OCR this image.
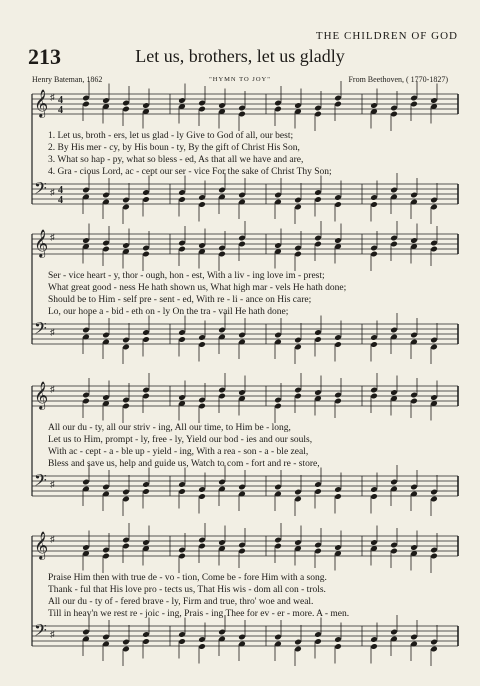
THE CHILDREN OF GOD
213	Let us, brothers, let us gladly
Henry Bateman, 1862	"HYMN TO JOY"	From Beethoven, ( 1770-1827)
𝄞
𝄢
♯
♯
4
4
4
4
1. Let us, broth - ers, let us glad - ly Give to God of all, our best;
2. By His mer - cy, by His boun - ty, By the gift of Christ His Son,
3. What so hap - py, what so bless - ed, As that all we have and are,
4. Gra - cious Lord, ac - cept our ser - vice For the sake of Christ Thy Son;
𝄞
𝄢
♯
♯
Ser - vice heart - y, thor - ough, hon - est, With a liv - ing love im - prest;
What great good - ness He hath shown us, What high mar - vels He hath done;
Should be to Him - self pre - sent - ed, With re - li - ance on His care;
Lo, our hope a - bid - eth on - ly On the tra - vail He hath done;
𝄞
𝄢
♯
♯
All our du - ty, all our striv - ing, All our time, to Him be - long,
Let us to Him, prompt - ly, free - ly, Yield our bod - ies and our souls,
With ac - cept - a - ble up - yield - ing, With a rea - son - a - ble zeal,
Bless and save us, help and guide us, Watch to com - fort and re - store,
𝄞
𝄢
♯
♯
Praise Him then with true de - vo - tion, Come be - fore Him with a song.
Thank - ful that His love pro - tects us, That His wis - dom all con - trols.
All our du - ty of - fered brave - ly, Firm and true, thro' woe and weal.
Till in heav'n we rest re - joic - ing, Prais - ing Thee for ev - er - more. A - men.
